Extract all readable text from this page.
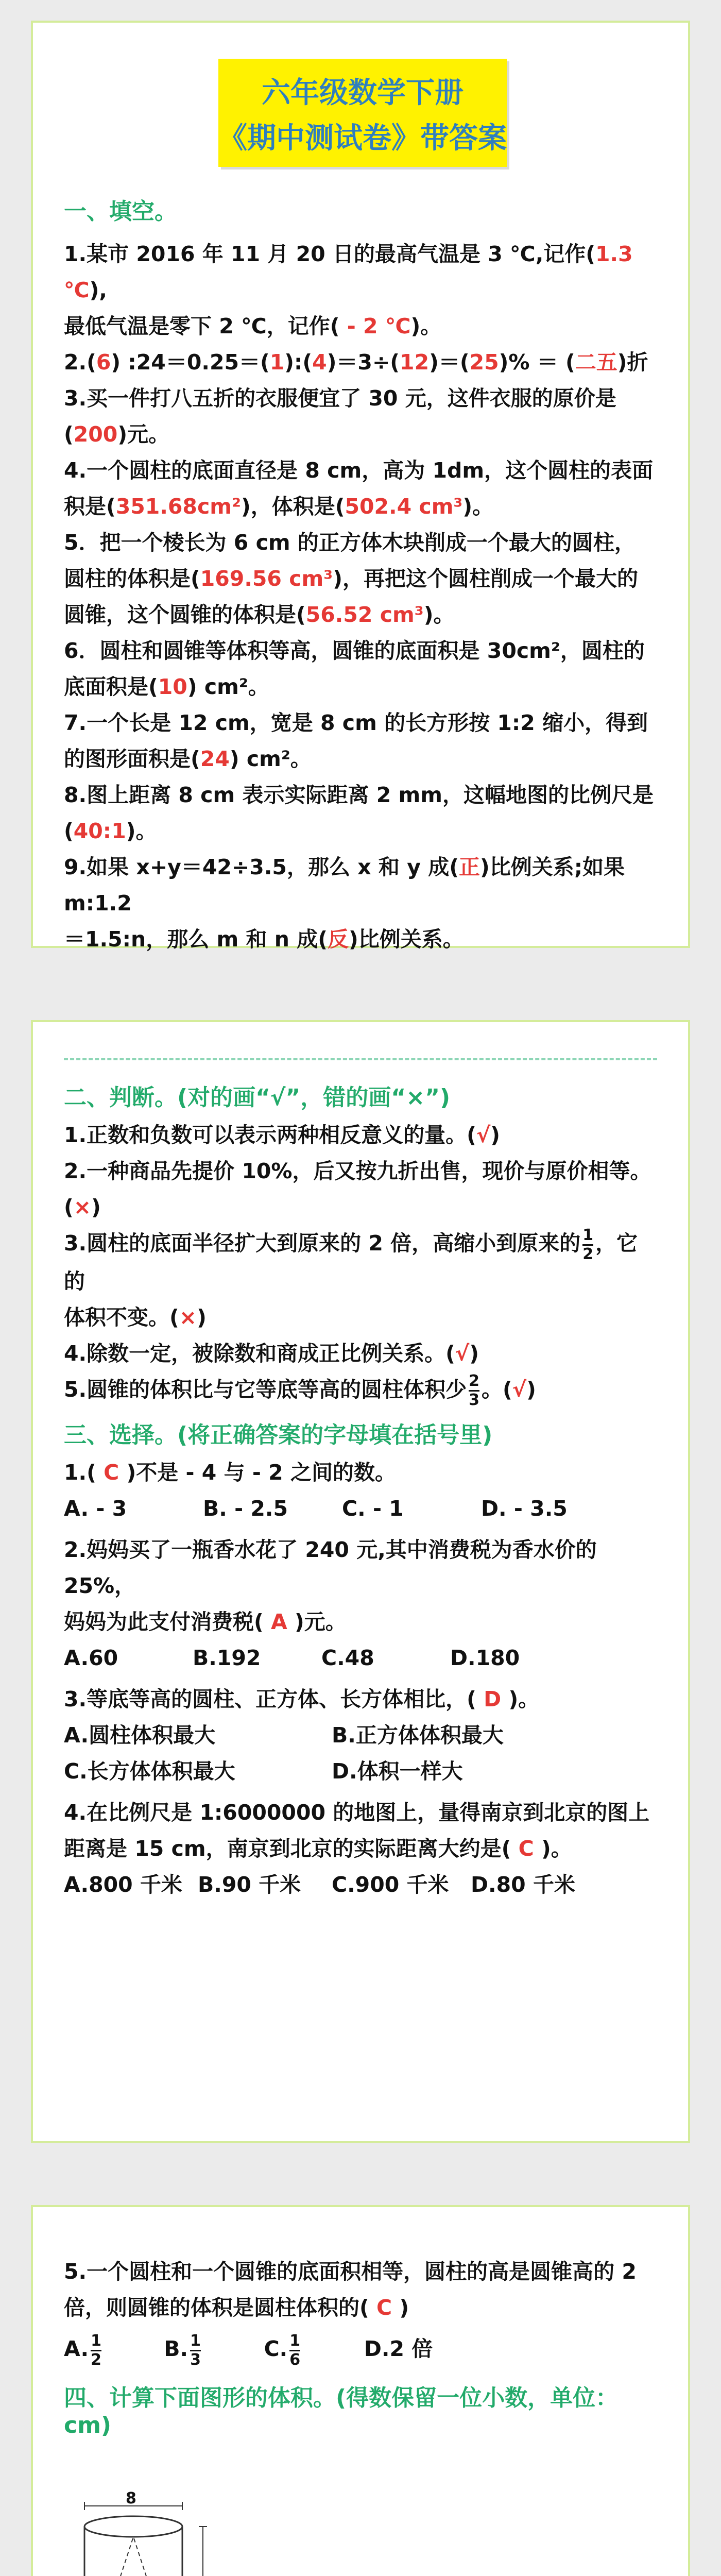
六年级数学下册
《期中测试卷》带答案
一、填空。
1.某市 2016 年 11 月 20 日的最高气温是 3 ℃,记作(1.3 ℃),
最低气温是零下 2 ℃，记作( - 2 ℃)。
2.(6) :24＝0.25＝(1):(4)＝3÷(12)＝(25)% ＝ (二五)折
3.买一件打八五折的衣服便宜了 30 元，这件衣服的原价是
(200)元。
4.一个圆柱的底面直径是 8 cm，高为 1dm，这个圆柱的表面
积是(351.68cm²)，体积是(502.4 cm³)。
5．把一个棱长为 6 cm 的正方体木块削成一个最大的圆柱，
圆柱的体积是(169.56 cm³)，再把这个圆柱削成一个最大的
圆锥，这个圆锥的体积是(56.52 cm³)。
6．圆柱和圆锥等体积等高，圆锥的底面积是 30cm²，圆柱的
底面积是(10) cm²。
7.一个长是 12 cm，宽是 8 cm 的长方形按 1:2 缩小，得到
的图形面积是(24) cm²。
8.图上距离 8 cm 表示实际距离 2 mm，这幅地图的比例尺是
(40:1)。
9.如果 x+y＝42÷3.5，那么 x 和 y 成(正)比例关系;如果 m:1.2
＝1.5:n，那么 m 和 n 成(反)比例关系。
二、判断。(对的画“√”，错的画“×”)
1.正数和负数可以表示两种相反意义的量。(√)
2.一种商品先提价 10%，后又按九折出售，现价与原价相等。
(×)
3.圆柱的底面半径扩大到原来的 2 倍，高缩小到原来的 $\frac{1}{2}$ ，它的
体积不变。(×)
4.除数一定，被除数和商成正比例关系。(√)
5.圆锥的体积比与它等底等高的圆柱体积少 $\frac{2}{3}$ 。(√)
三、选择。(将正确答案的字母填在括号里)
1.( C )不是 - 4 与 - 2 之间的数。
A. - 3	B. - 2.5	C. - 1	D. - 3.5
2.妈妈买了一瓶香水花了 240 元,其中消费税为香水价的 25%，
妈妈为此支付消费税( A )元。
A.60	B.192	C.48	D.180
3.等底等高的圆柱、正方体、长方体相比，( D )。
A.圆柱体积最大	B.正方体体积最大
C.长方体体积最大	D.体积一样大
4.在比例尺是 1:6000000 的地图上，量得南京到北京的图上
距离是 15 cm，南京到北京的实际距离大约是( C )。
A.800 千米 B.90 千米	C.900 千米	D.80 千米
5.一个圆柱和一个圆锥的底面积相等，圆柱的高是圆锥高的 2
倍，则圆锥的体积是圆柱体积的( C )
A. $\frac{1}{2}$	B. $\frac{1}{3}$	C. $\frac{1}{6}$	D.2 倍
四、计算下面图形的体积。(得数保留一位小数，单位：cm)
8
